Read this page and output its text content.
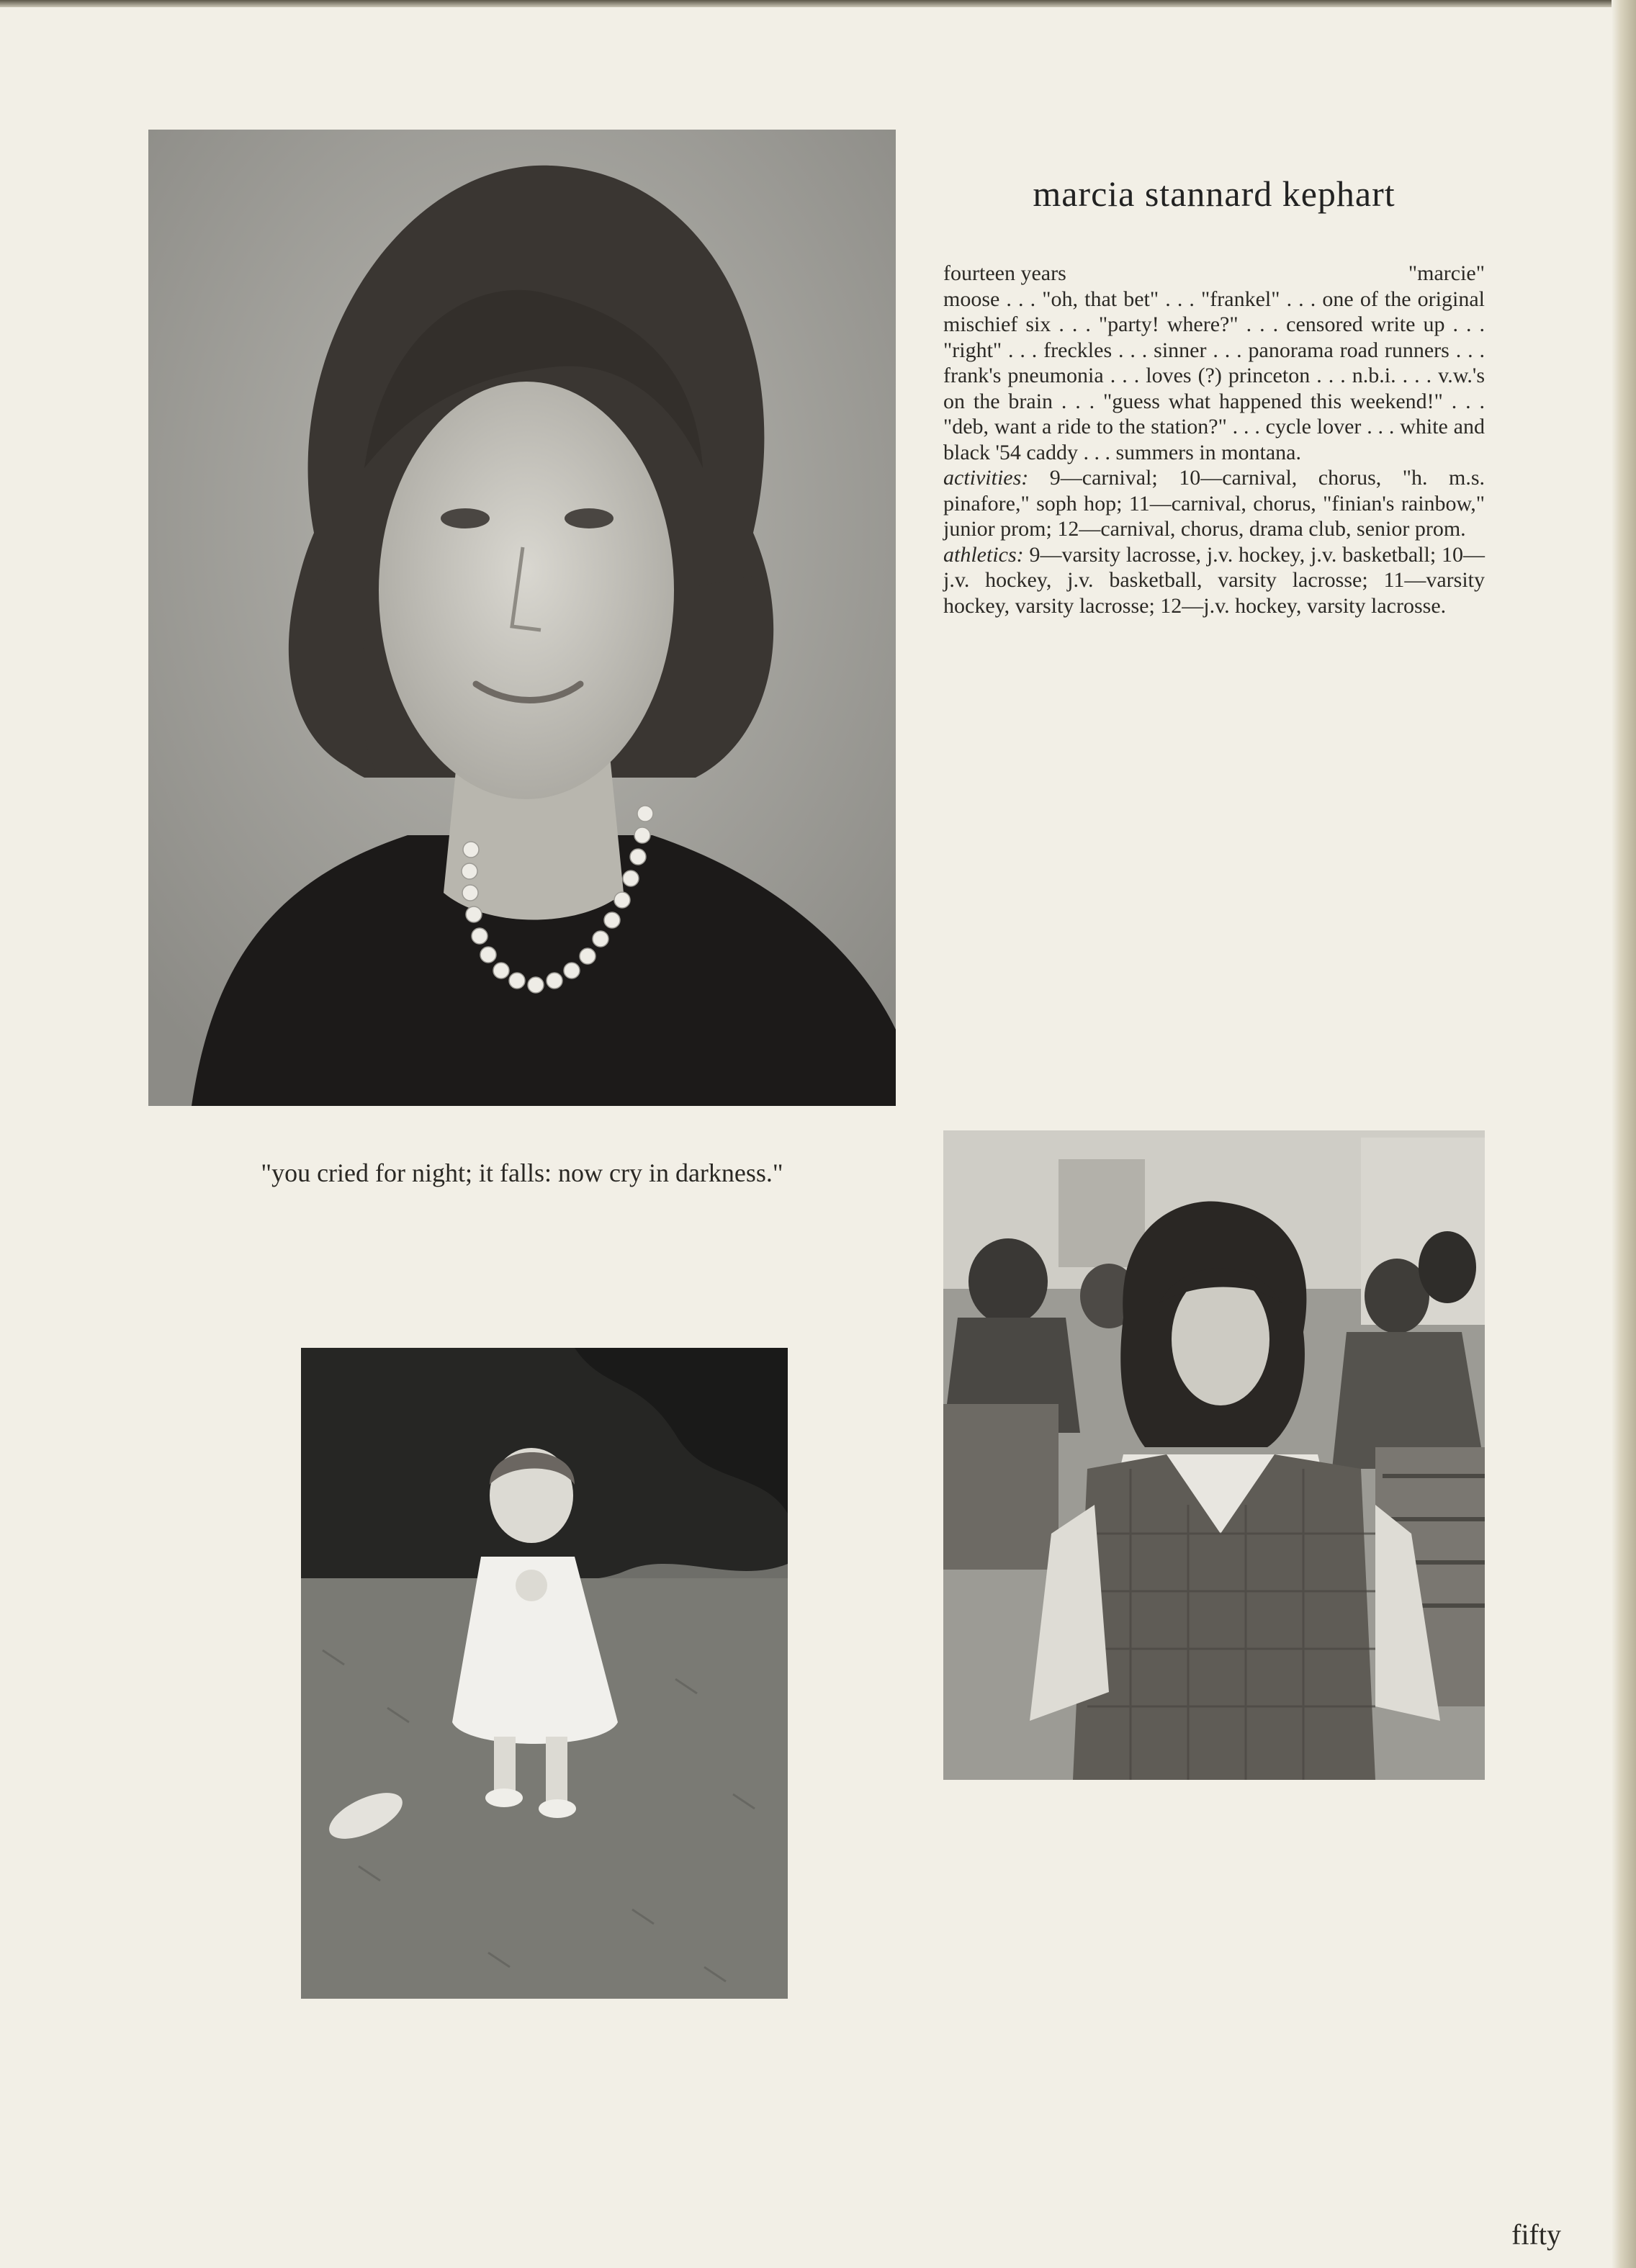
marcia stannard kephart
fourteen years	"marcie"

moose . . . "oh, that bet" . . . "frankel" . . . one of the original mischief six . . . "party! where?" . . . censored write up . . . "right" . . . freckles . . . sinner . . . panorama road runners . . . frank's pneumonia . . . loves (?) princeton . . . n.b.i. . . . v.w.'s on the brain . . . "guess what happened this weekend!" . . . "deb, want a ride to the station?" . . . cycle lover . . . white and black '54 caddy . . . summers in montana.

activities: 9—carnival; 10—carnival, chorus, "h. m.s. pinafore," soph hop; 11—carnival, chorus, "finian's rainbow," junior prom; 12—carnival, chorus, drama club, senior prom.

athletics: 9—varsity lacrosse, j.v. hockey, j.v. basketball; 10—j.v. hockey, j.v. basketball, varsity lacrosse; 11—varsity hockey, varsity lacrosse; 12—j.v. hockey, varsity lacrosse.

"you cried for night; it falls: now cry in darkness."
fifty
